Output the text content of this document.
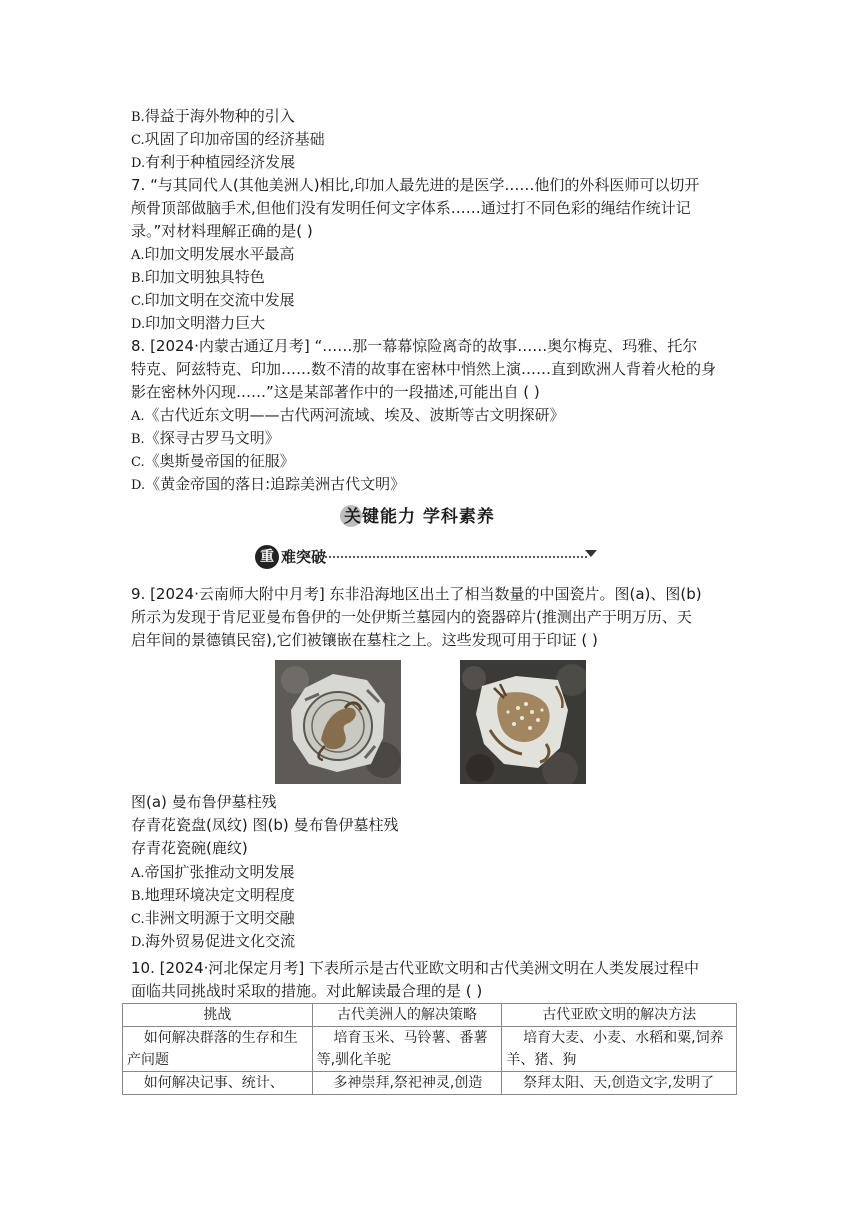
B.得益于海外物种的引入
C.巩固了印加帝国的经济基础
D.有利于种植园经济发展
7. “与其同代人(其他美洲人)相比,印加人最先进的是医学……他们的外科医师可以切开
颅骨顶部做脑手术,但他们没有发明任何文字体系……通过打不同色彩的绳结作统计记
录。”对材料理解正确的是( )
A.印加文明发展水平最高
B.印加文明独具特色
C.印加文明在交流中发展
D.印加文明潜力巨大
8. [2024·内蒙古通辽月考] “……那一幕幕惊险离奇的故事……奥尔梅克、玛雅、托尔
特克、阿兹特克、印加……数不清的故事在密林中悄然上演……直到欧洲人背着火枪的身
影在密林外闪现……”这是某部著作中的一段描述,可能出自 ( )
A.《古代近东文明——古代两河流域、埃及、波斯等古文明探研》
B.《探寻古罗马文明》
C.《奥斯曼帝国的征服》
D.《黄金帝国的落日:追踪美洲古代文明》
关键能力 学科素养
重 难突破
9. [2024·云南师大附中月考] 东非沿海地区出土了相当数量的中国瓷片。图(a)、图(b)
所示为发现于肯尼亚曼布鲁伊的一处伊斯兰墓园内的瓷器碎片(推测出产于明万历、天
启年间的景德镇民窑),它们被镶嵌在墓柱之上。这些发现可用于印证 ( )
图(a) 曼布鲁伊墓柱残
存青花瓷盘(凤纹) 图(b) 曼布鲁伊墓柱残
存青花瓷碗(鹿纹)
A.帝国扩张推动文明发展
B.地理环境决定文明程度
C.非洲文明源于文明交融
D.海外贸易促进文化交流
10. [2024·河北保定月考] 下表所示是古代亚欧文明和古代美洲文明在人类发展过程中
面临共同挑战时采取的措施。对此解读最合理的是 ( )
挑战	古代美洲人的解决策略	古代亚欧文明的解决方法
如何解决群落的生存和生产问题	培育玉米、马铃薯、番薯等,驯化羊驼	培育大麦、小麦、水稻和粟,饲养羊、猪、狗
如何解决记事、统计、	多神崇拜,祭祀神灵,创造	祭拜太阳、天,创造文字,发明了
